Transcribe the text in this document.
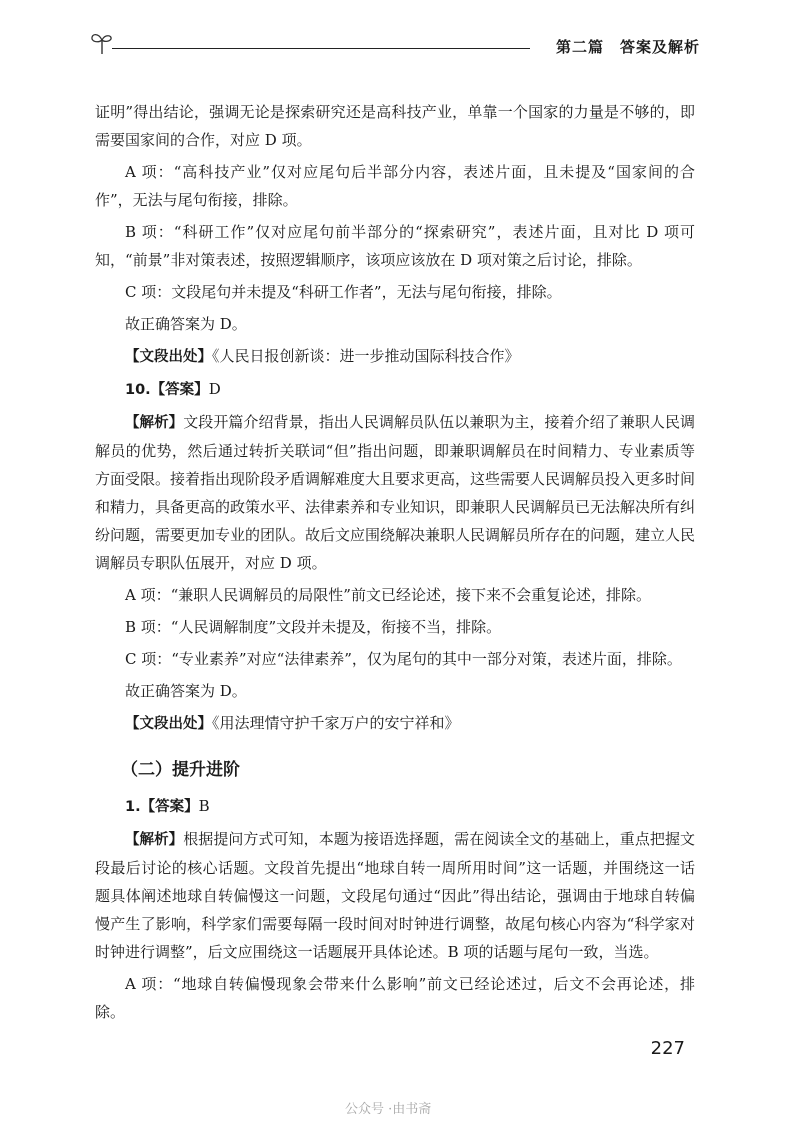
第二篇　答案及解析

证明”得出结论，强调无论是探索研究还是高科技产业，单靠一个国家的力量是不够的，即需要国家间的合作，对应 D 项。

A 项：“高科技产业”仅对应尾句后半部分内容，表述片面，且未提及“国家间的合作”，无法与尾句衔接，排除。

B 项：“科研工作”仅对应尾句前半部分的“探索研究”，表述片面，且对比 D 项可知，“前景”非对策表述，按照逻辑顺序，该项应该放在 D 项对策之后讨论，排除。

C 项：文段尾句并未提及“科研工作者”，无法与尾句衔接，排除。

故正确答案为 D。

【文段出处】《人民日报创新谈：进一步推动国际科技合作》

10.【答案】D

【解析】文段开篇介绍背景，指出人民调解员队伍以兼职为主，接着介绍了兼职人民调解员的优势，然后通过转折关联词“但”指出问题，即兼职调解员在时间精力、专业素质等方面受限。接着指出现阶段矛盾调解难度大且要求更高，这些需要人民调解员投入更多时间和精力，具备更高的政策水平、法律素养和专业知识，即兼职人民调解员已无法解决所有纠纷问题，需要更加专业的团队。故后文应围绕解决兼职人民调解员所存在的问题，建立人民调解员专职队伍展开，对应 D 项。

A 项：“兼职人民调解员的局限性”前文已经论述，接下来不会重复论述，排除。

B 项：“人民调解制度”文段并未提及，衔接不当，排除。

C 项：“专业素养”对应“法律素养”，仅为尾句的其中一部分对策，表述片面，排除。

故正确答案为 D。

【文段出处】《用法理情守护千家万户的安宁祥和》

（二）提升进阶

1.【答案】B

【解析】根据提问方式可知，本题为接语选择题，需在阅读全文的基础上，重点把握文段最后讨论的核心话题。文段首先提出“地球自转一周所用时间”这一话题，并围绕这一话题具体阐述地球自转偏慢这一问题，文段尾句通过“因此”得出结论，强调由于地球自转偏慢产生了影响，科学家们需要每隔一段时间对时钟进行调整，故尾句核心内容为“科学家对时钟进行调整”，后文应围绕这一话题展开具体论述。B 项的话题与尾句一致，当选。

A 项：“地球自转偏慢现象会带来什么影响”前文已经论述过，后文不会再论述，排除。

227
公众号 ·由书斋
